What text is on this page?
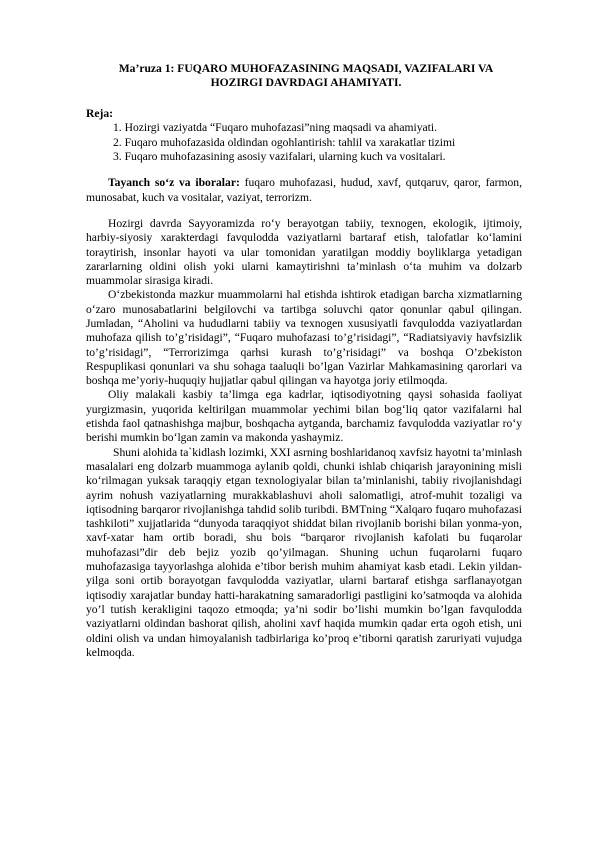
Ma’ruza 1: FUQARO MUHOFAZASINING MAQSADI, VAZIFALARI VA
HOZIRGI DAVRDAGI AHAMIYATI.
Reja:
1. Hozirgi vaziyatda “Fuqaro muhofazasi”ning maqsadi va ahamiyati.
2. Fuqaro muhofazasida oldindan ogohlantirish: tahlil va xarakatlar tizimi
3. Fuqaro muhofazasining asosiy vazifalari, ularning kuch va vositalari.

Tayanch so‘z va iboralar: fuqaro muhofazasi, hudud, xavf, qutqaruv, qaror, farmon, munosabat, kuch va vositalar, vaziyat, terrorizm.

Hozirgi davrda Sayyoramizda ro‘y berayotgan tabiiy, texnogen, ekologik, ijtimoiy, harbiy-siyosiy xarakterdagi favqulodda vaziyatlarni bartaraf etish, talofatlar ko‘lamini toraytirish, insonlar hayoti va ular tomonidan yaratilgan moddiy boyliklarga yetadigan zararlarning oldini olish yoki ularni kamaytirishni ta’minlash o‘ta muhim va dolzarb muammolar sirasiga kiradi.

O‘zbekistonda mazkur muammolarni hal etishda ishtirok etadigan barcha xizmatlarning o‘zaro munosabatlarini belgilovchi va tartibga soluvchi qator qonunlar qabul qilingan. Jumladan, “Aholini va hududlarni tabiiy va texnogen xususiyatli favqulodda vaziyatlardan muhofaza qilish to’g’risidagi”, “Fuqaro muhofazasi to’g’risidagi”, “Radiatsiyaviy havfsizlik to’g’risidagi”, “Terrorizimga qarhsi kurash to’g’risidagi” va boshqa O’zbekiston Respuplikasi qonunlari va shu sohaga taaluqli bo’lgan Vazirlar Mahkamasining qarorlari va boshqa me’yoriy-huquqiy hujjatlar qabul qilingan va hayotga joriy etilmoqda.

Oliy malakali kasbiy ta’limga ega kadrlar, iqtisodiyotning qaysi sohasida faoliyat yurgizmasin, yuqorida keltirilgan muammolar yechimi bilan bog‘liq qator vazifalarni hal etishda faol qatnashishga majbur, boshqacha aytganda, barchamiz favqulodda vaziyatlar ro‘y berishi mumkin bo‘lgan zamin va makonda yashaymiz.

Shuni alohida ta`kidlash lozimki, XXI asrning boshlaridanoq xavfsiz hayotni ta’minlash masalalari eng dolzarb muammoga aylanib qoldi, chunki ishlab chiqarish jarayonining misli ko‘rilmagan yuksak taraqqiy etgan texnologiyalar bilan ta’minlanishi, tabiiy rivojlanishdagi ayrim nohush vaziyatlarning murakkablashuvi aholi salomatligi, atrof-muhit tozaligi va iqtisodning barqaror rivojlanishga tahdid solib turibdi. BMTning “Xalqaro fuqaro muhofazasi tashkiloti” xujjatlarida “dunyoda taraqqiyot shiddat bilan rivojlanib borishi bilan yonma-yon, xavf-xatar ham ortib boradi, shu bois “barqaror rivojlanish kafolati bu fuqarolar muhofazasi”dir deb bejiz yozib qo’yilmagan. Shuning uchun fuqarolarni fuqaro muhofazasiga tayyorlashga alohida e’tibor berish muhim ahamiyat kasb etadi. Lekin yildan-yilga soni ortib borayotgan favqulodda vaziyatlar, ularni bartaraf etishga sarflanayotgan iqtisodiy xarajatlar bunday hatti-harakatning samaradorligi pastligini ko’satmoqda va alohida yo’l tutish kerakligini taqozo etmoqda; ya’ni sodir bo’lishi mumkin bo’lgan favqulodda vaziyatlarni oldindan bashorat qilish, aholini xavf haqida mumkin qadar erta ogoh etish, uni oldini olish va undan himoyalanish tadbirlariga ko’proq e’tiborni qaratish zaruriyati vujudga kelmoqda.
